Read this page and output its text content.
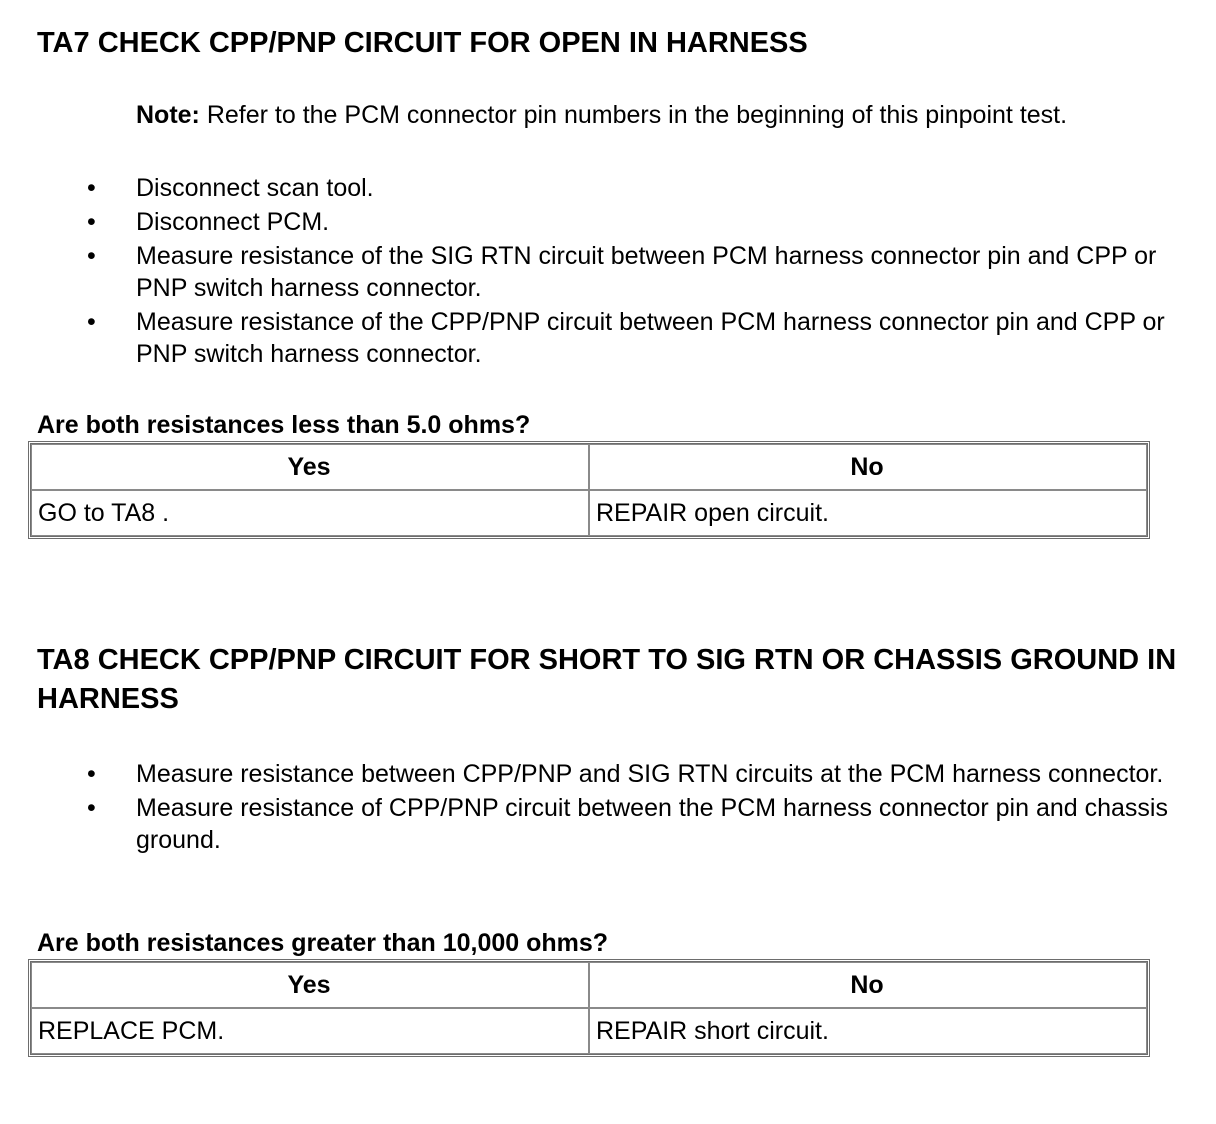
TA7 CHECK CPP/PNP CIRCUIT FOR OPEN IN HARNESS

Note: Refer to the PCM connector pin numbers in the beginning of this pinpoint test.

• Disconnect scan tool.
• Disconnect PCM.
• Measure resistance of the SIG RTN circuit between PCM harness connector pin and CPP or PNP switch harness connector.
• Measure resistance of the CPP/PNP circuit between PCM harness connector pin and CPP or PNP switch harness connector.

Are both resistances less than 5.0 ohms?

Yes	No
GO to TA8 .	REPAIR open circuit.
TA8 CHECK CPP/PNP CIRCUIT FOR SHORT TO SIG RTN OR CHASSIS GROUND IN HARNESS
• Measure resistance between CPP/PNP and SIG RTN circuits at the PCM harness connector.
• Measure resistance of CPP/PNP circuit between the PCM harness connector pin and chassis ground.

Are both resistances greater than 10,000 ohms?

Yes	No
REPLACE PCM.	REPAIR short circuit.
